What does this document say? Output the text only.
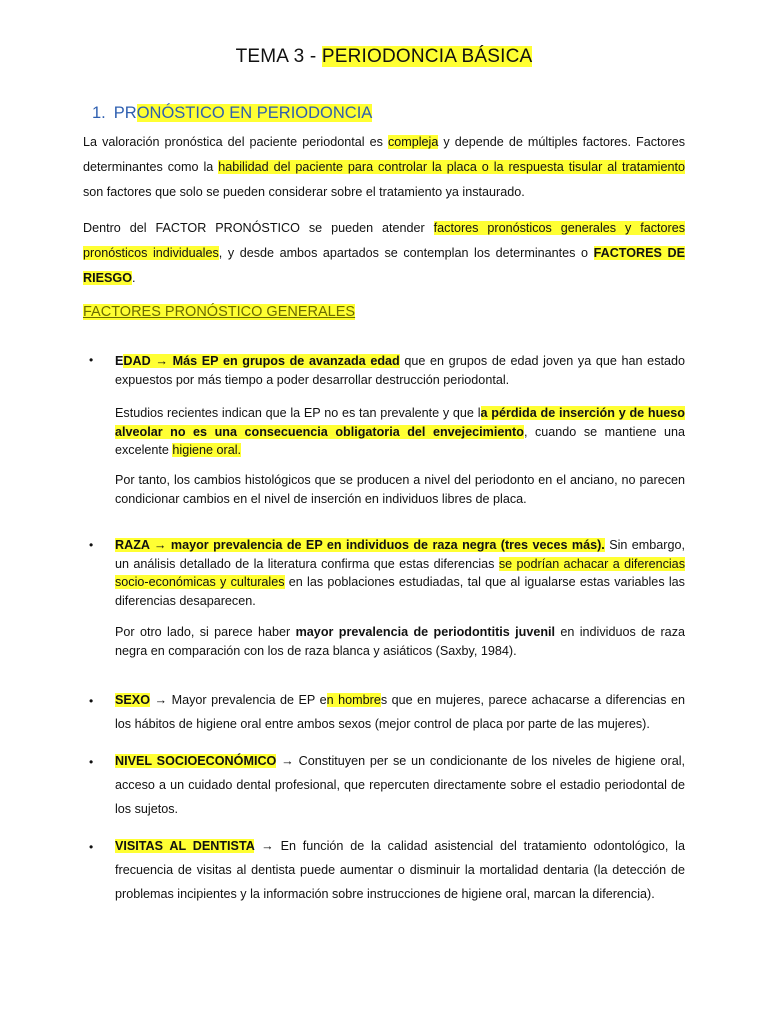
TEMA 3 - PERIODONCIA BÁSICA
1. PRONÓSTICO EN PERIODONCIA
La valoración pronóstica del paciente periodontal es compleja y depende de múltiples factores. Factores determinantes como la habilidad del paciente para controlar la placa o la respuesta tisular al tratamiento son factores que solo se pueden considerar sobre el tratamiento ya instaurado.
Dentro del FACTOR PRONÓSTICO se pueden atender factores pronósticos generales y factores pronósticos individuales, y desde ambos apartados se contemplan los determinantes o FACTORES DE RIESGO.
FACTORES PRONÓSTICO GENERALES
• EDAD → Más EP en grupos de avanzada edad que en grupos de edad joven ya que han estado expuestos por más tiempo a poder desarrollar destrucción periodontal.
Estudios recientes indican que la EP no es tan prevalente y que la pérdida de inserción y de hueso alveolar no es una consecuencia obligatoria del envejecimiento, cuando se mantiene una excelente higiene oral.
Por tanto, los cambios histológicos que se producen a nivel del periodonto en el anciano, no parecen condicionar cambios en el nivel de inserción en individuos libres de placa.
• RAZA → mayor prevalencia de EP en individuos de raza negra (tres veces más). Sin embargo, un análisis detallado de la literatura confirma que estas diferencias se podrían achacar a diferencias socio-económicas y culturales en las poblaciones estudiadas, tal que al igualarse estas variables las diferencias desaparecen.
Por otro lado, si parece haber mayor prevalencia de periodontitis juvenil en individuos de raza negra en comparación con los de raza blanca y asiáticos (Saxby, 1984).
• SEXO → Mayor prevalencia de EP en hombres que en mujeres, parece achacarse a diferencias en los hábitos de higiene oral entre ambos sexos (mejor control de placa por parte de las mujeres).
• NIVEL SOCIOECONÓMICO → Constituyen per se un condicionante de los niveles de higiene oral, acceso a un cuidado dental profesional, que repercuten directamente sobre el estadio periodontal de los sujetos.
• VISITAS AL DENTISTA → En función de la calidad asistencial del tratamiento odontológico, la frecuencia de visitas al dentista puede aumentar o disminuir la mortalidad dentaria (la detección de problemas incipientes y la información sobre instrucciones de higiene oral, marcan la diferencia).
